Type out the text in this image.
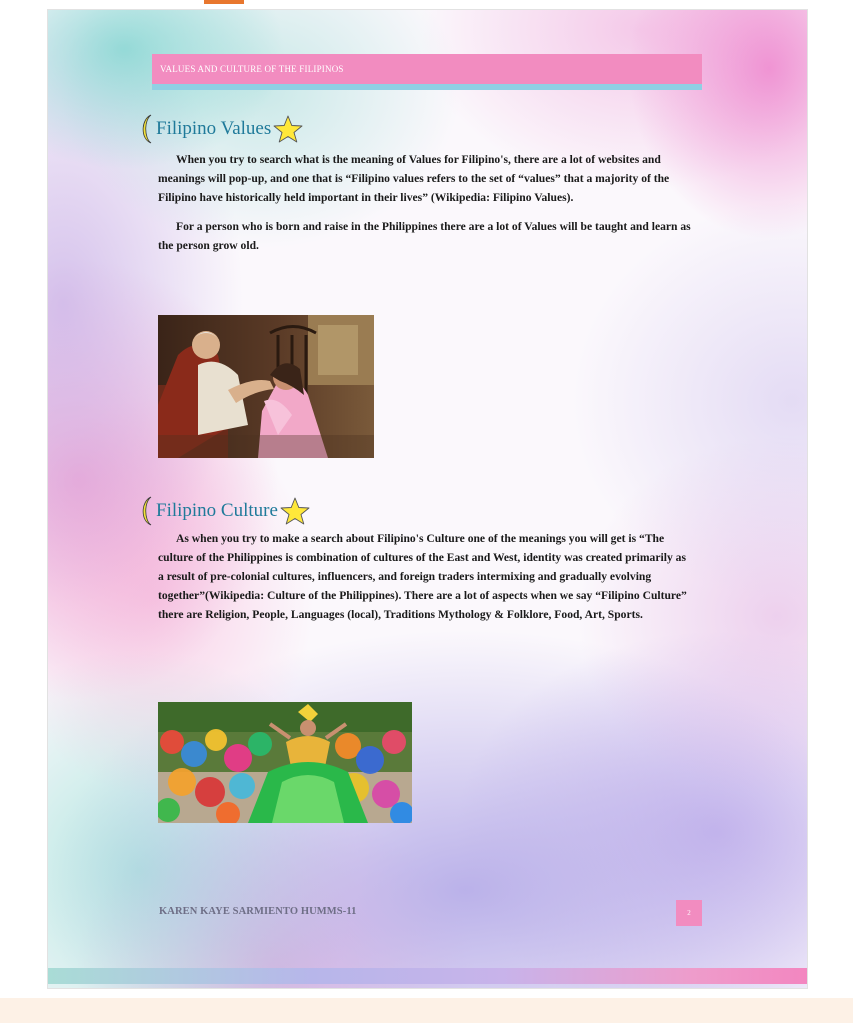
VALUES AND CULTURE OF THE FILIPINOS
Filipino Values

When you try to search what is the meaning of Values for Filipino's, there are a lot of websites and meanings will pop-up, and one that is “Filipino values refers to the set of “values” that a majority of the Filipino have historically held important in their lives” (Wikipedia: Filipino Values).

For a person who is born and raise in the Philippines there are a lot of Values will be taught and learn as the person grow old.

Filipino Culture

As when you try to make a search about Filipino's Culture one of the meanings you will get is “The culture of the Philippines is combination of cultures of the East and West, identity was created primarily as a result of pre-colonial cultures, influencers, and foreign traders intermixing and gradually evolving together”(Wikipedia: Culture of the Philippines). There are a lot of aspects when we say “Filipino Culture” there are Religion, People, Languages (local), Traditions Mythology & Folklore, Food, Art, Sports.

KAREN KAYE SARMIENTO HUMMS-11	2
